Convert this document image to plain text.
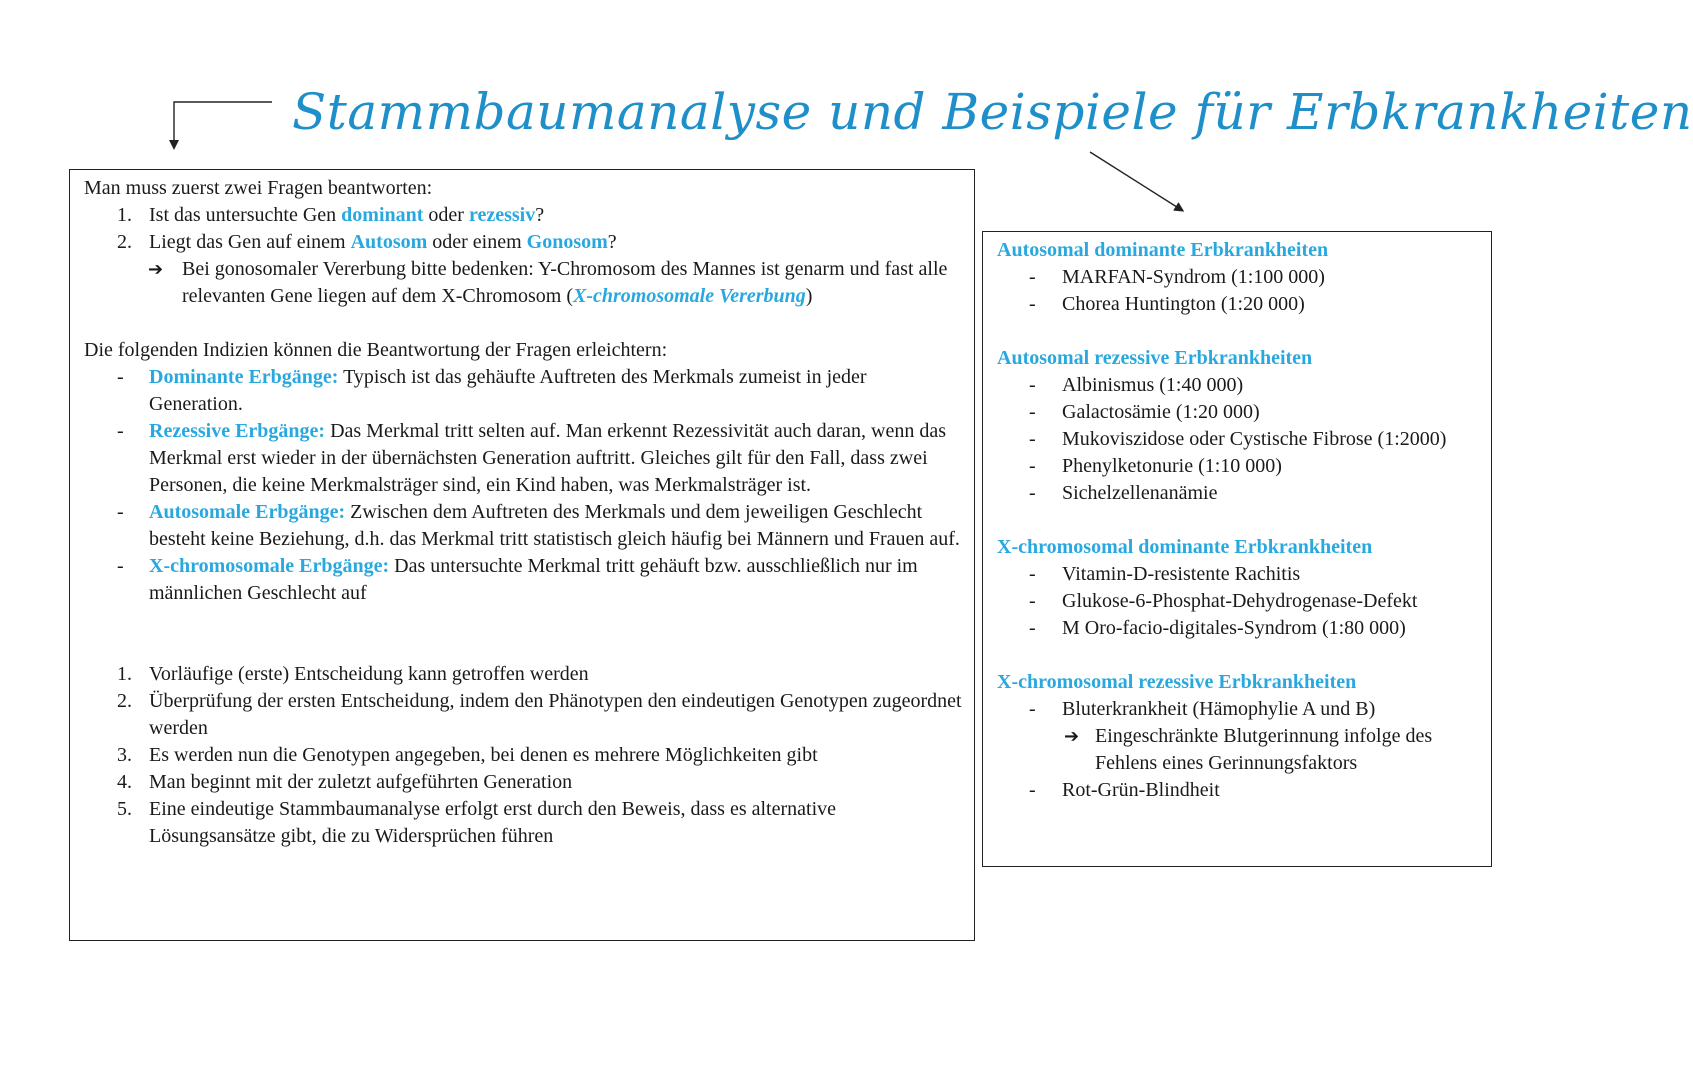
Stammbaumanalyse und Beispiele für Erbkrankheiten

Man muss zuerst zwei Fragen beantworten:

1. Ist das untersuchte Gen dominant oder rezessiv?
2. Liegt das Gen auf einem Autosom oder einem Gonosom?
➔ Bei gonosomaler Vererbung bitte bedenken: Y-Chromosom des Mannes ist genarm und fast alle relevanten Gene liegen auf dem X-Chromosom (X-chromosomale Vererbung)

Die folgenden Indizien können die Beantwortung der Fragen erleichtern:

- Dominante Erbgänge: Typisch ist das gehäufte Auftreten des Merkmals zumeist in jeder Generation.
- Rezessive Erbgänge: Das Merkmal tritt selten auf. Man erkennt Rezessivität auch daran, wenn das Merkmal erst wieder in der übernächsten Generation auftritt. Gleiches gilt für den Fall, dass zwei Personen, die keine Merkmalsträger sind, ein Kind haben, was Merkmalsträger ist.
- Autosomale Erbgänge: Zwischen dem Auftreten des Merkmals und dem jeweiligen Geschlecht besteht keine Beziehung, d.h. das Merkmal tritt statistisch gleich häufig bei Männern und Frauen auf.
- X-chromosomale Erbgänge: Das untersuchte Merkmal tritt gehäuft bzw. ausschließlich nur im männlichen Geschlecht auf
1. Vorläufige (erste) Entscheidung kann getroffen werden
2. Überprüfung der ersten Entscheidung, indem den Phänotypen den eindeutigen Genotypen zugeordnet werden
3. Es werden nun die Genotypen angegeben, bei denen es mehrere Möglichkeiten gibt
4. Man beginnt mit der zuletzt aufgeführten Generation
5. Eine eindeutige Stammbaumanalyse erfolgt erst durch den Beweis, dass es alternative Lösungsansätze gibt, die zu Widersprüchen führen

Autosomal dominante Erbkrankheiten

- MARFAN-Syndrom (1:100 000)
- Chorea Huntington (1:20 000)

Autosomal rezessive Erbkrankheiten

- Albinismus (1:40 000)
- Galactosämie (1:20 000)
- Mukoviszidose oder Cystische Fibrose (1:2000)
- Phenylketonurie (1:10 000)
- Sichelzellenanämie

X-chromosomal dominante Erbkrankheiten

- Vitamin-D-resistente Rachitis
- Glukose-6-Phosphat-Dehydrogenase-Defekt
- M Oro-facio-digitales-Syndrom (1:80 000)

X-chromosomal rezessive Erbkrankheiten

- Bluterkrankheit (Hämophylie A und B)
➔ Eingeschränkte Blutgerinnung infolge des Fehlens eines Gerinnungsfaktors
- Rot-Grün-Blindheit
